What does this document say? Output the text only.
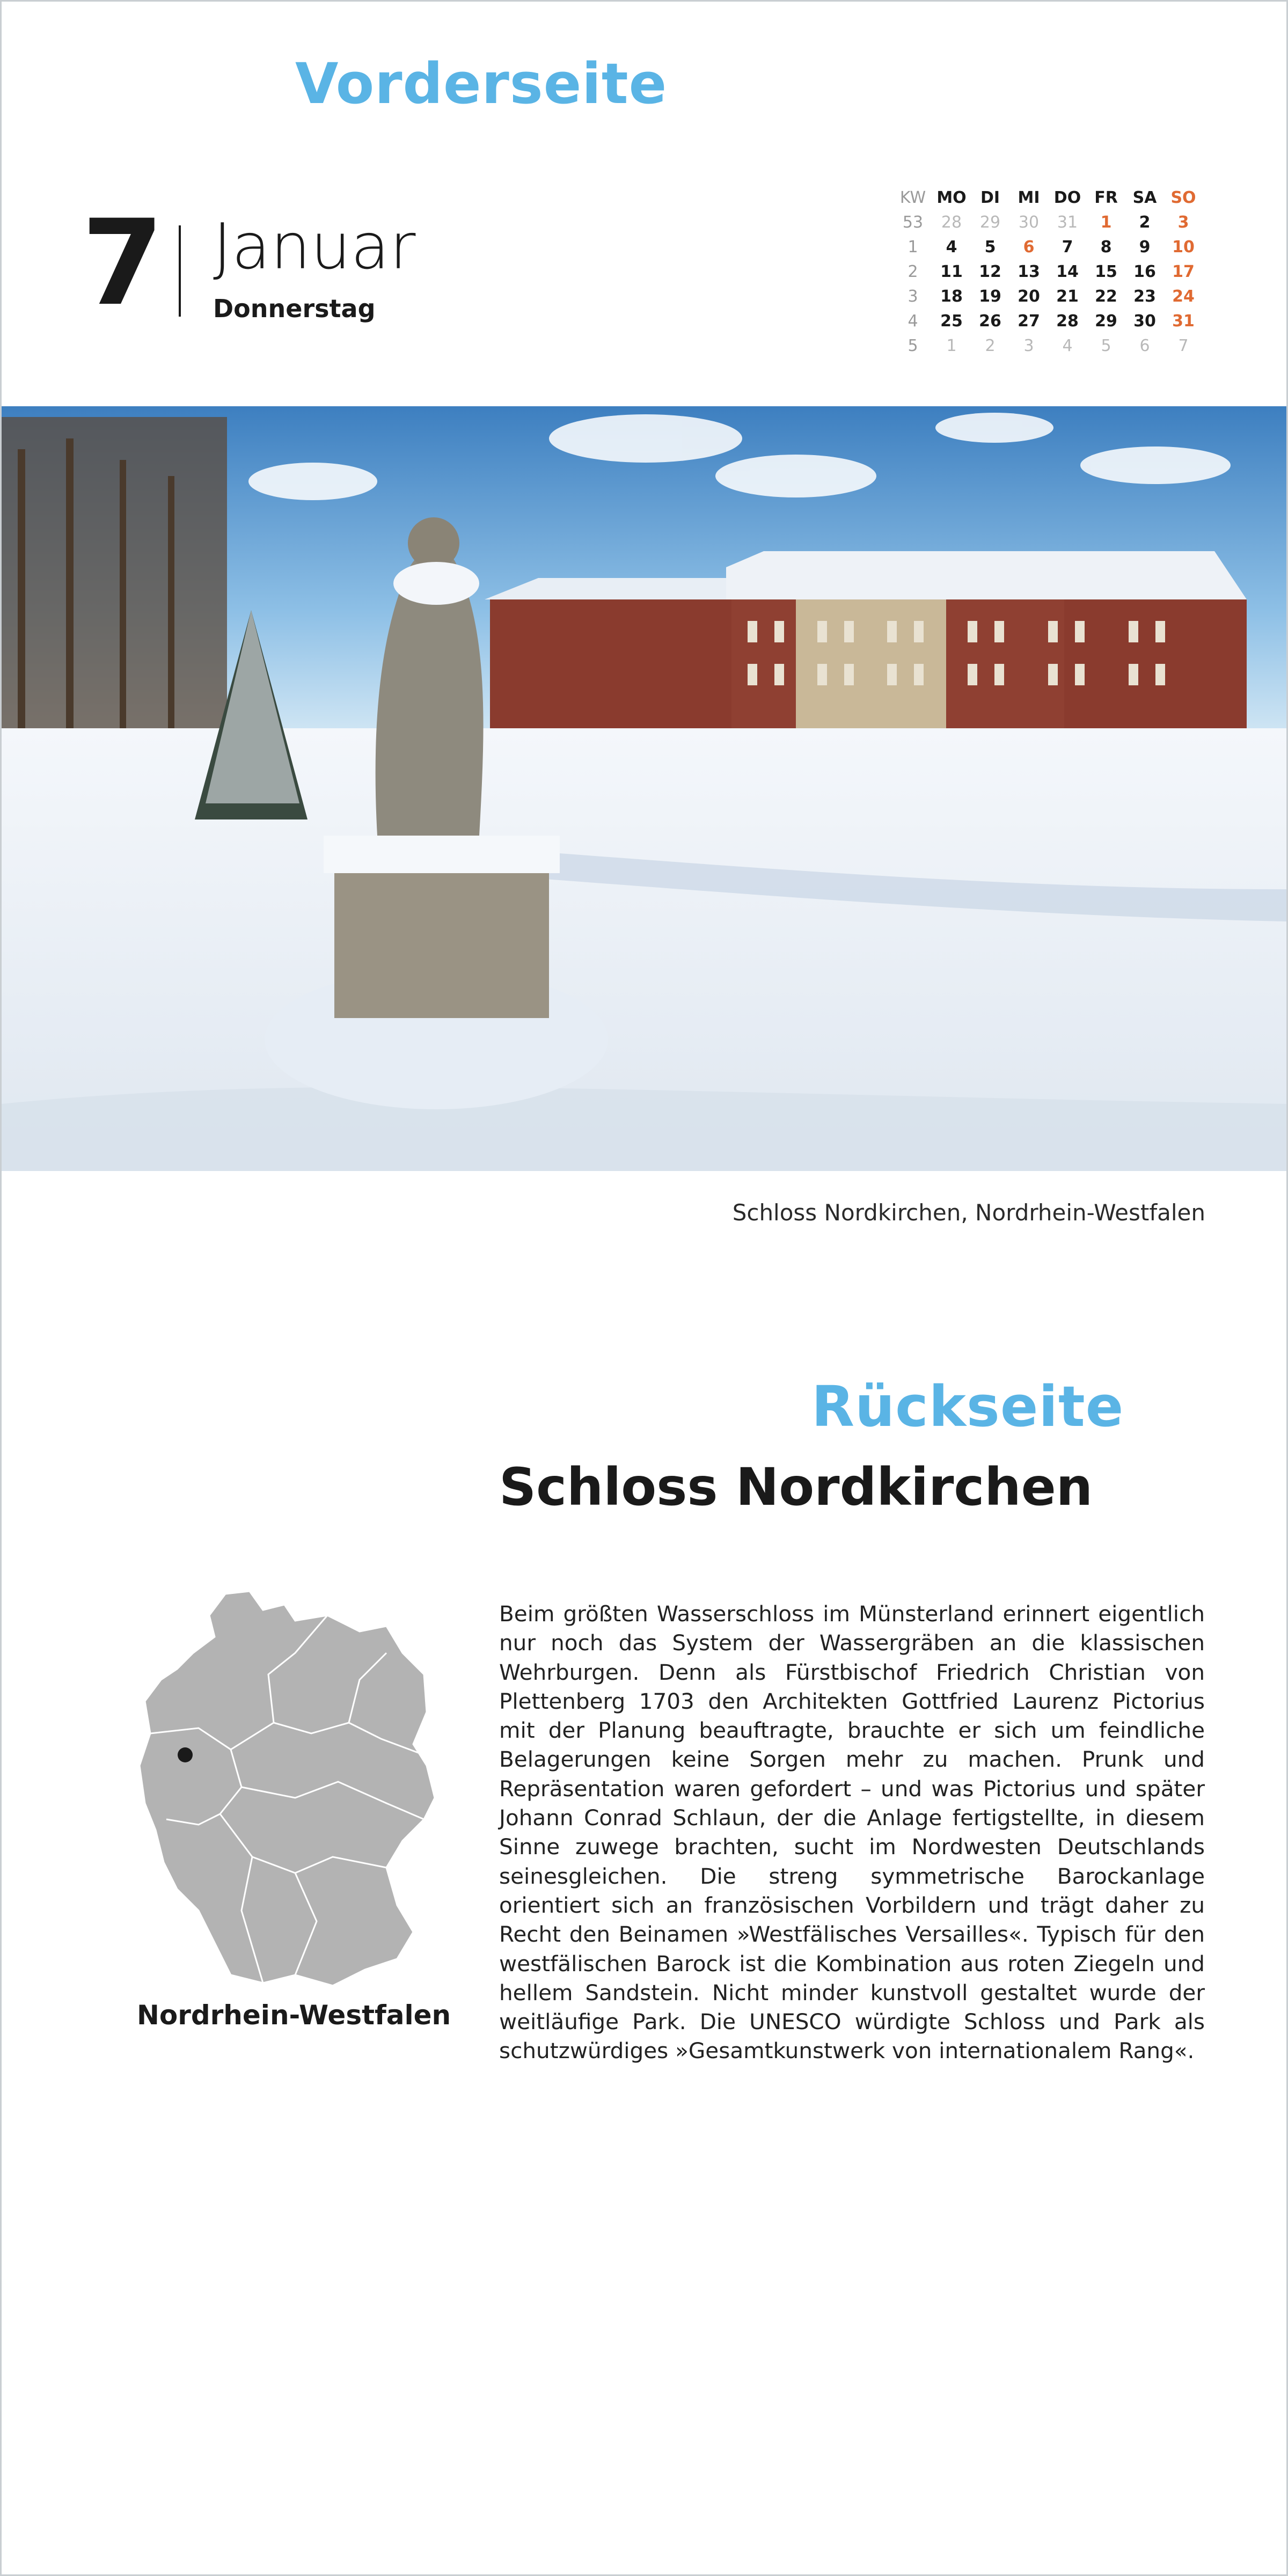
Vorderseite
7 Januar
Donnerstag
KW MO DI	MI DO FR SA SO
53	28	29	30	31	1	2	3
1	4	5	6	7	8	9	10
2	11	12	13	14	15	16	17
3	18	19	20	21	22	23	24
4	25	26	27	28	29	30	31
5	1	2	3	4	5	6	7
Schloss Nordkirchen, Nordrhein-Westfalen
Rückseite
Schloss Nordkirchen
Nordrhein-Westfalen
Beim größten Wasserschloss im Münsterland erinnert eigentlich nur noch das System der Wassergräben an die klassischen Wehrburgen. Denn als Fürstbischof Friedrich Christian von Plettenberg 1703 den Architekten Gottfried Laurenz Pictorius mit der Planung beauftragte, brauchte er sich um feindliche Belagerungen keine Sorgen mehr zu machen. Prunk und Repräsentation waren gefordert – und was Pictorius und später Johann Conrad Schlaun, der die Anlage fertigstellte, in diesem Sinne zuwege brachten, sucht im Nordwesten Deutschlands seinesgleichen. Die streng symmetrische Barockanlage orientiert sich an französischen Vorbildern und trägt daher zu Recht den Beinamen »Westfälisches Versailles«. Typisch für den westfälischen Barock ist die Kombination aus roten Ziegeln und hellem Sandstein. Nicht minder kunstvoll gestaltet wurde der weitläufige Park. Die UNESCO würdigte Schloss und Park als schutzwürdiges »Gesamtkunstwerk von internationalem Rang«.
